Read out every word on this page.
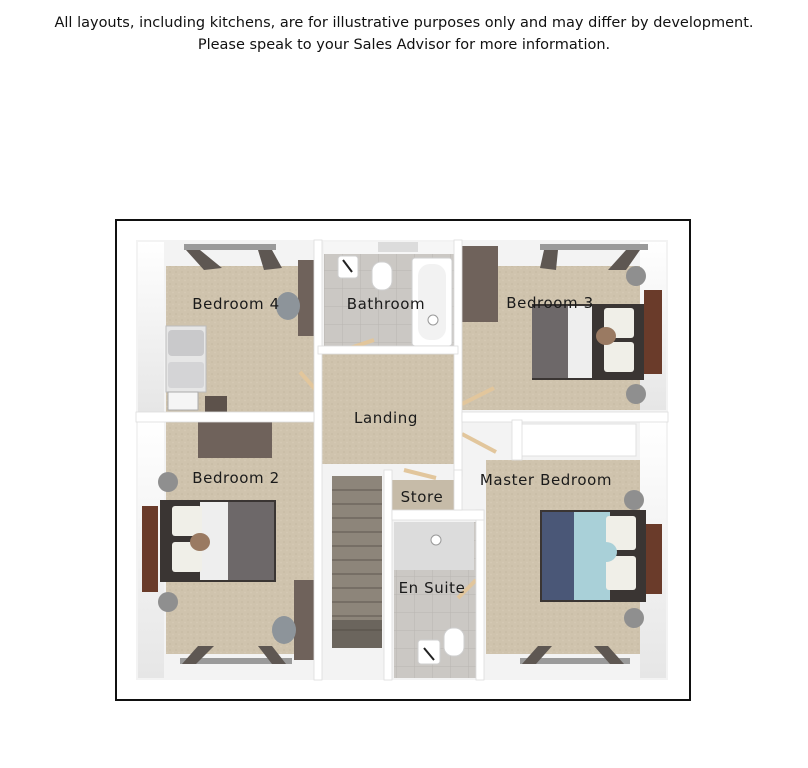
All layouts, including kitchens, are for illustrative purposes only and may differ by development.
Please speak to your Sales Advisor for more information.
Bedroom 4	Bathroom	Bedroom 3
Landing
Bedroom 2	Master Bedroom
Store
En Suite
